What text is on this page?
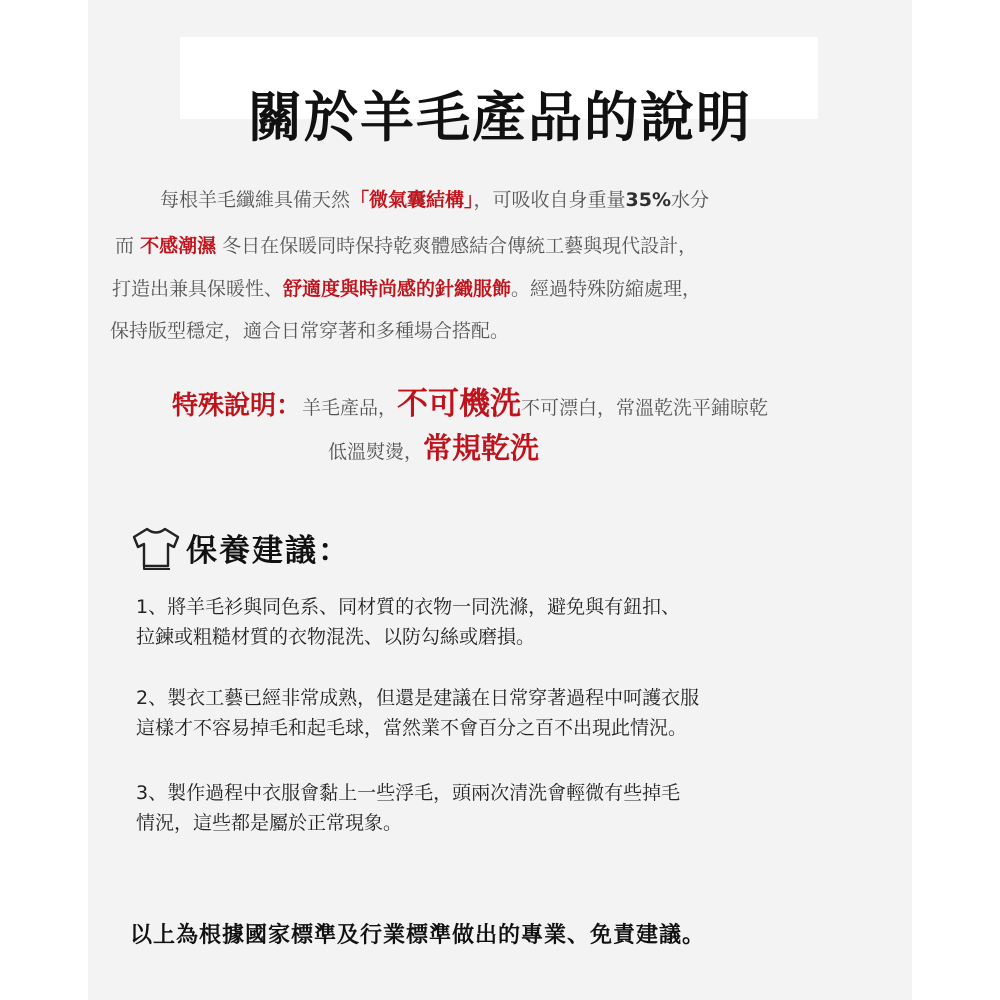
關於羊毛產品的說明
每根羊毛纖維具備天然「微氣囊結構」，可吸收自身重量35%水分
而 不感潮濕 冬日在保暖同時保持乾爽體感結合傳統工藝與現代設計，
打造出兼具保暖性、舒適度與時尚感的針織服飾。經過特殊防縮處理，
保持版型穩定，適合日常穿著和多種場合搭配。
特殊說明：羊毛產品，不可機洗不可漂白，常溫乾洗平鋪晾乾
低溫熨燙，常規乾洗
保養建議：
1、將羊毛衫與同色系、同材質的衣物一同洗滌，避免與有鈕扣、
拉鍊或粗糙材質的衣物混洗、以防勾絲或磨損。
2、製衣工藝已經非常成熟，但還是建議在日常穿著過程中呵護衣服
這樣才不容易掉毛和起毛球，當然業不會百分之百不出現此情況。
3、製作過程中衣服會黏上一些浮毛，頭兩次清洗會輕微有些掉毛
情況，這些都是屬於正常現象。
以上為根據國家標準及行業標準做出的專業、免責建議。
